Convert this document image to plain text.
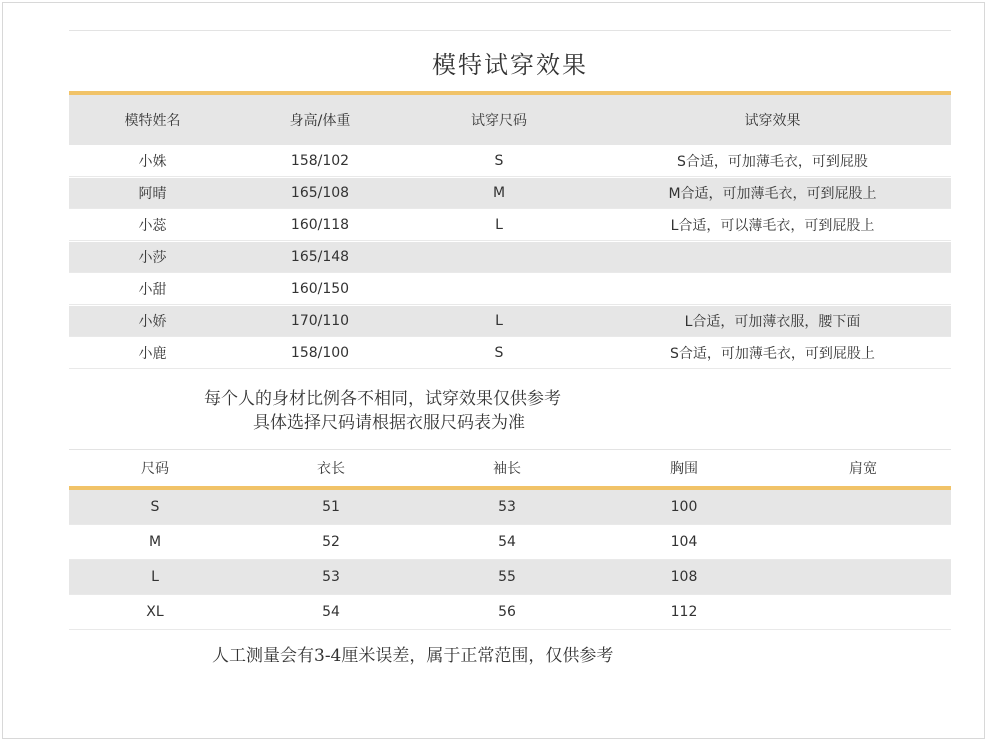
模特试穿效果
模特姓名	身高/体重	试穿尺码	试穿效果
小姝	158/102	S	S合适，可加薄毛衣，可到屁股
阿晴	165/108	M	M合适，可加薄毛衣，可到屁股上
小蕊	160/118	L	L合适，可以薄毛衣，可到屁股上
小莎	165/148
小甜	160/150
小娇	170/110	L	L合适，可加薄衣服，腰下面
小鹿	158/100	S	S合适，可加薄毛衣，可到屁股上
每个人的身材比例各不相同，试穿效果仅供参考
具体选择尺码请根据衣服尺码表为准
尺码	衣长	袖长	胸围	肩宽
S	51	53	100
M	52	54	104
L	53	55	108
XL	54	56	112
人工测量会有3-4厘米误差，属于正常范围，仅供参考
